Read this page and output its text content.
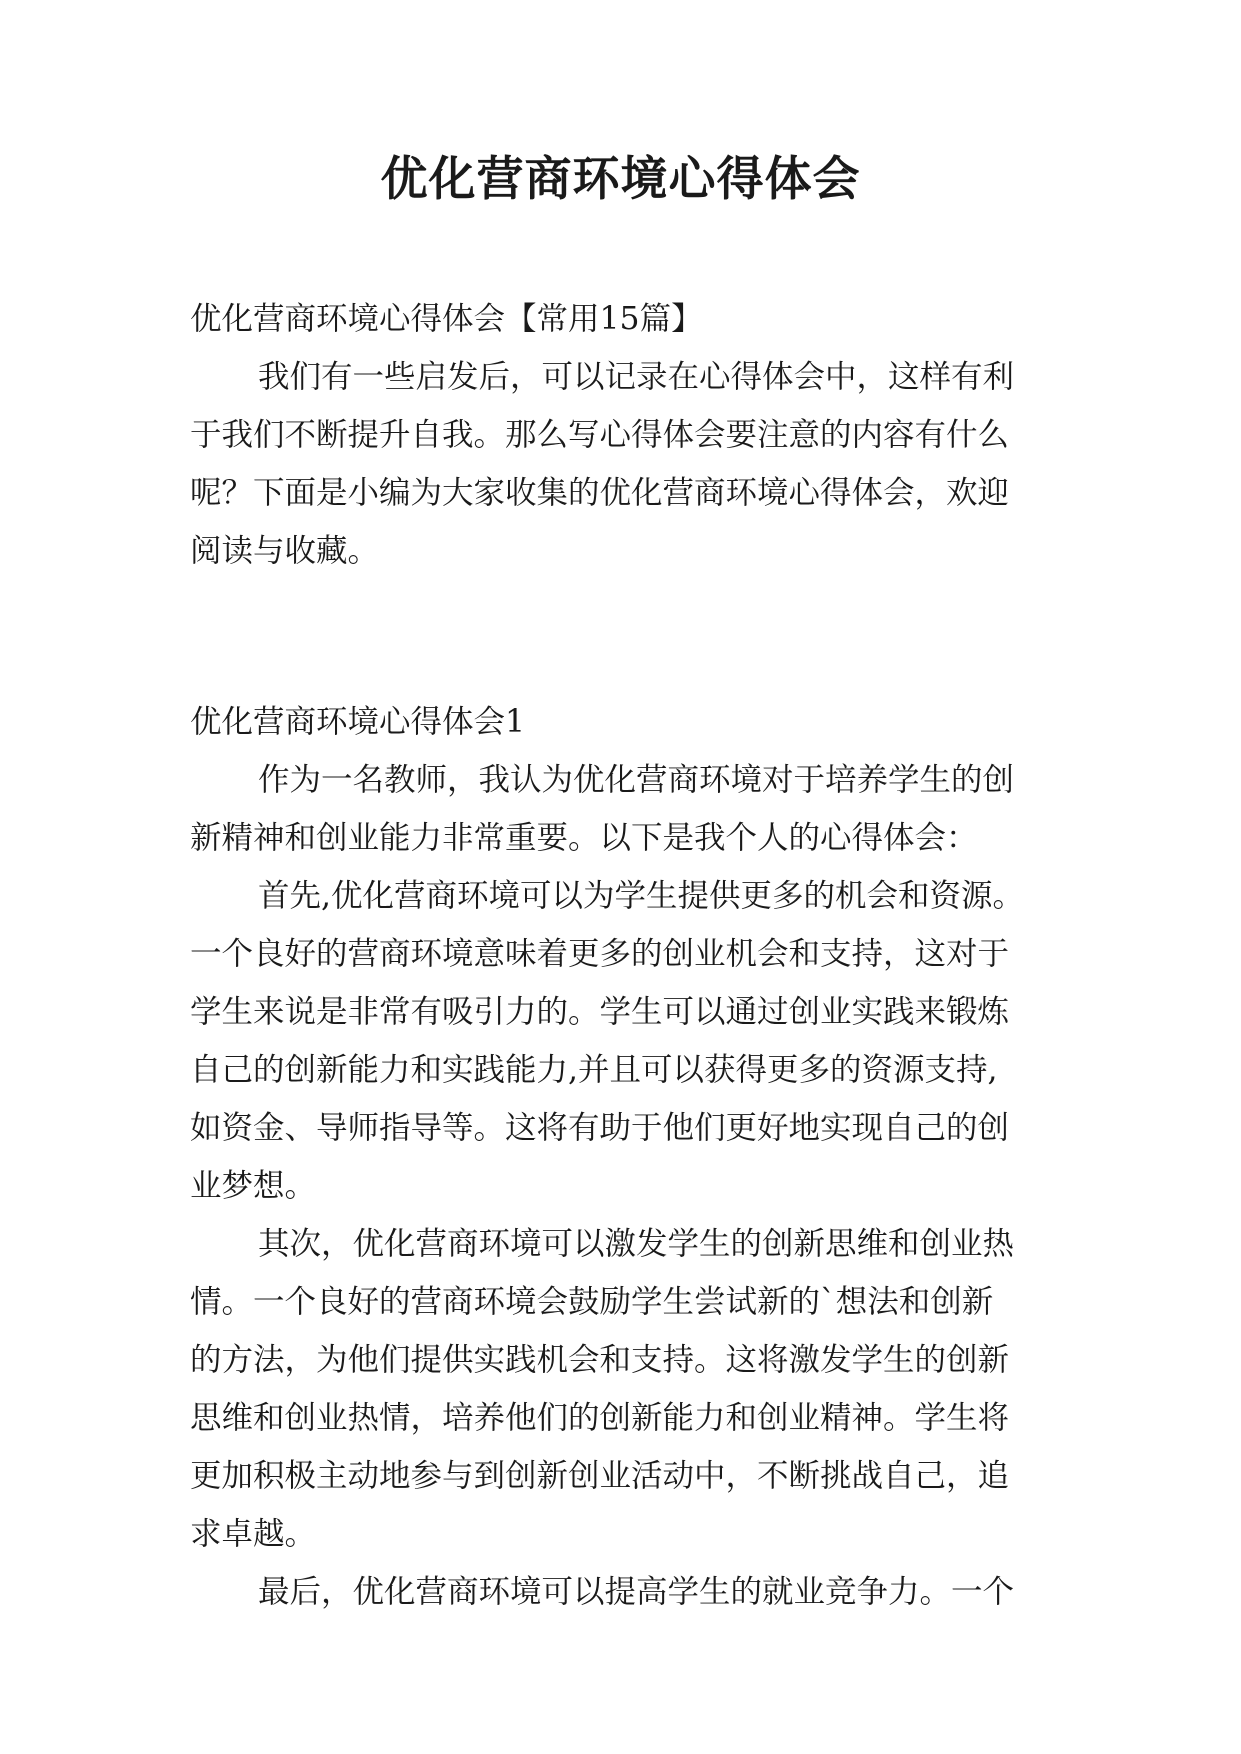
优化营商环境心得体会

优化营商环境心得体会【常用15篇】

我们有一些启发后，可以记录在心得体会中，这样有利

于我们不断提升自我。那么写心得体会要注意的内容有什么

呢？下面是小编为大家收集的优化营商环境心得体会，欢迎

阅读与收藏。

优化营商环境心得体会1

作为一名教师，我认为优化营商环境对于培养学生的创

新精神和创业能力非常重要。以下是我个人的心得体会：

首先,优化营商环境可以为学生提供更多的机会和资源。

一个良好的营商环境意味着更多的创业机会和支持，这对于

学生来说是非常有吸引力的。学生可以通过创业实践来锻炼

自己的创新能力和实践能力,并且可以获得更多的资源支持,

如资金、导师指导等。这将有助于他们更好地实现自己的创

业梦想。

其次，优化营商环境可以激发学生的创新思维和创业热

情。一个良好的营商环境会鼓励学生尝试新的`想法和创新

的方法，为他们提供实践机会和支持。这将激发学生的创新

思维和创业热情，培养他们的创新能力和创业精神。学生将

更加积极主动地参与到创新创业活动中，不断挑战自己，追

求卓越。

最后，优化营商环境可以提高学生的就业竞争力。一个
